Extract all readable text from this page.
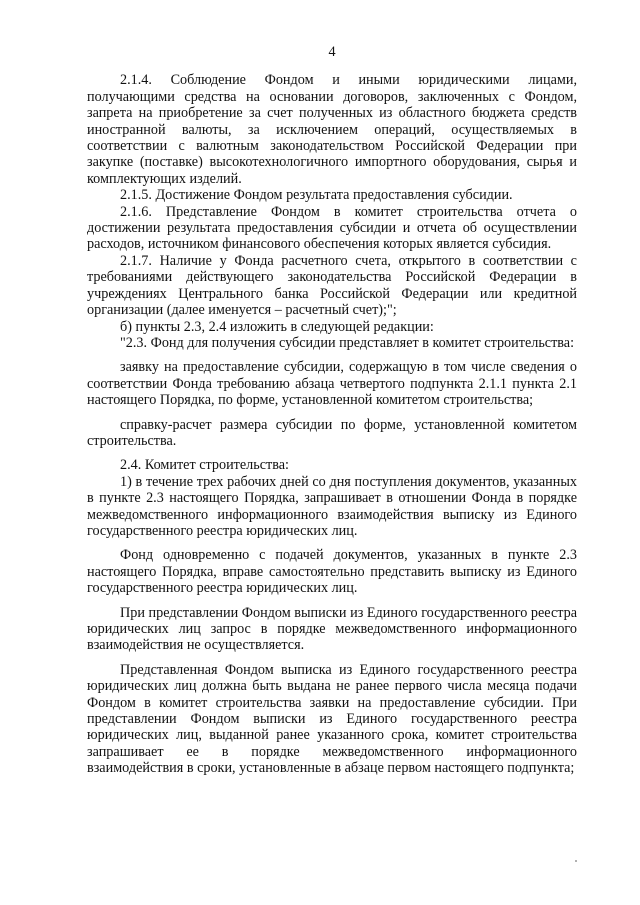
4

2.1.4. Соблюдение Фондом и иными юридическими лицами, получающими средства на основании договоров, заключенных с Фондом, запрета на приобретение за счет полученных из областного бюджета средств иностранной валюты, за исключением операций, осуществляемых в соответствии с валютным законодательством Российской Федерации при закупке (поставке) высокотехнологичного импортного оборудования, сырья и комплектующих изделий.

2.1.5. Достижение Фондом результата предоставления субсидии.

2.1.6. Представление Фондом в комитет строительства отчета о достижении результата предоставления субсидии и отчета об осуществлении расходов, источником финансового обеспечения которых является субсидия.

2.1.7. Наличие у Фонда расчетного счета, открытого в соответствии с требованиями действующего законодательства Российской Федерации в учреждениях Центрального банка Российской Федерации или кредитной организации (далее именуется – расчетный счет);";

б) пункты 2.3, 2.4 изложить в следующей редакции:

"2.3. Фонд для получения субсидии представляет в комитет строительства:

заявку на предоставление субсидии, содержащую в том числе сведения о соответствии Фонда требованию абзаца четвертого подпункта 2.1.1 пункта 2.1 настоящего Порядка, по форме, установленной комитетом строительства;

справку-расчет размера субсидии по форме, установленной комитетом строительства.

2.4. Комитет строительства:

1) в течение трех рабочих дней со дня поступления документов, указанных в пункте 2.3 настоящего Порядка, запрашивает в отношении Фонда в порядке межведомственного информационного взаимодействия выписку из Единого государственного реестра юридических лиц.

Фонд одновременно с подачей документов, указанных в пункте 2.3 настоящего Порядка, вправе самостоятельно представить выписку из Единого государственного реестра юридических лиц.

При представлении Фондом выписки из Единого государственного реестра юридических лиц запрос в порядке межведомственного информационного взаимодействия не осуществляется.

Представленная Фондом выписка из Единого государственного реестра юридических лиц должна быть выдана не ранее первого числа месяца подачи Фондом в комитет строительства заявки на предоставление субсидии. При представлении Фондом выписки из Единого государственного реестра юридических лиц, выданной ранее указанного срока, комитет строительства запрашивает ее в порядке межведомственного информационного взаимодействия в сроки, установленные в абзаце первом настоящего подпункта;
